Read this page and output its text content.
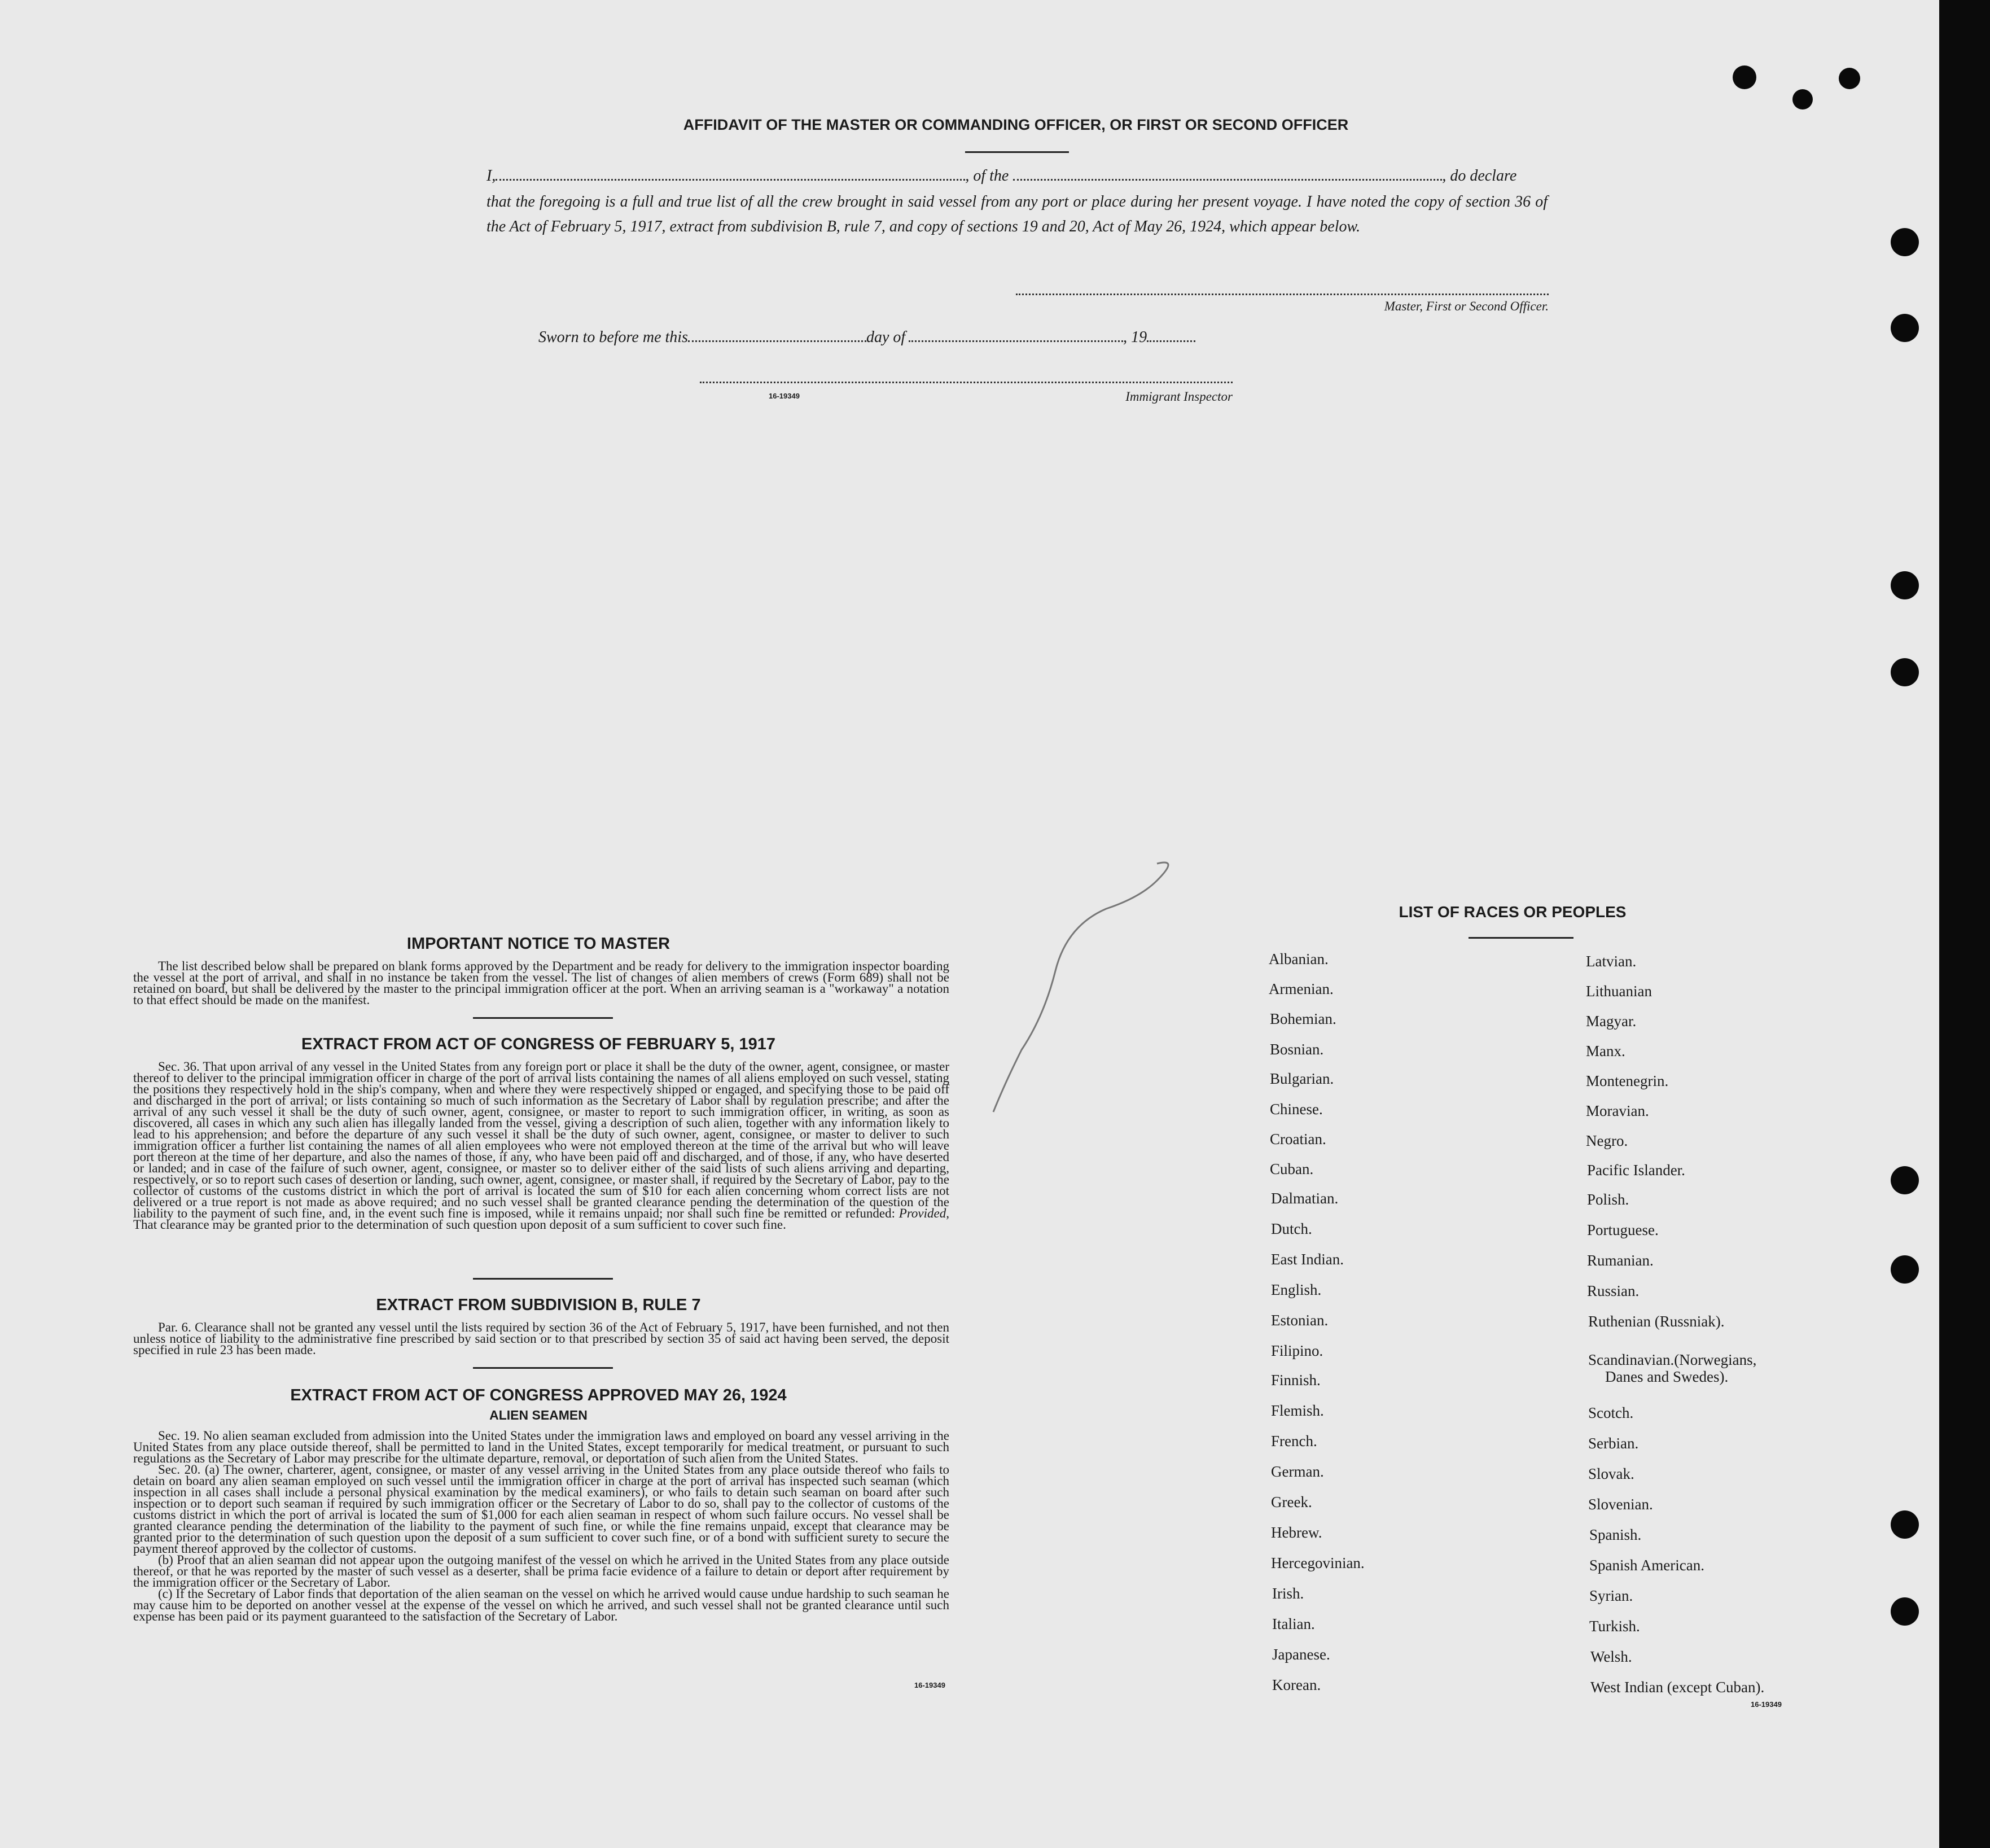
AFFIDAVIT OF THE MASTER OR COMMANDING OFFICER, OR FIRST OR SECOND OFFICER
I,	, of the	, do declare
that the foregoing is a full and true list of all the crew brought in said vessel from any port or place during her present voyage. I have noted the copy of section 36 of the Act of February 5, 1917, extract from subdivision B, rule 7, and copy of sections 19 and 20, Act of May 26, 1924, which appear below.
Master, First or Second Officer.
Sworn to before me this	day of	, 19
16-19349	Immigrant Inspector
IMPORTANT NOTICE TO MASTER

The list described below shall be prepared on blank forms approved by the Department and be ready for delivery to the immigration inspector boarding the vessel at the port of arrival, and shall in no instance be taken from the vessel. The list of changes of alien members of crews (Form 689) shall not be retained on board, but shall be delivered by the master to the principal immigration officer at the port. When an arriving seaman is a "workaway" a notation to that effect should be made on the manifest.

EXTRACT FROM ACT OF CONGRESS OF FEBRUARY 5, 1917

Sec. 36. That upon arrival of any vessel in the United States from any foreign port or place it shall be the duty of the owner, agent, consignee, or master thereof to deliver to the principal immigration officer in charge of the port of arrival lists containing the names of all aliens employed on such vessel, stating the positions they respectively hold in the ship's company, when and where they were respectively shipped or engaged, and specifying those to be paid off and discharged in the port of arrival; or lists containing so much of such information as the Secretary of Labor shall by regulation prescribe; and after the arrival of any such vessel it shall be the duty of such owner, agent, consignee, or master to report to such immigration officer, in writing, as soon as discovered, all cases in which any such alien has illegally landed from the vessel, giving a description of such alien, together with any information likely to lead to his apprehension; and before the departure of any such vessel it shall be the duty of such owner, agent, consignee, or master to deliver to such immigration officer a further list containing the names of all alien employees who were not employed thereon at the time of the arrival but who will leave port thereon at the time of her departure, and also the names of those, if any, who have been paid off and discharged, and of those, if any, who have deserted or landed; and in case of the failure of such owner, agent, consignee, or master so to deliver either of the said lists of such aliens arriving and departing, respectively, or so to report such cases of desertion or landing, such owner, agent, consignee, or master shall, if required by the Secretary of Labor, pay to the collector of customs of the customs district in which the port of arrival is located the sum of $10 for each alien concerning whom correct lists are not delivered or a true report is not made as above required; and no such vessel shall be granted clearance pending the determination of the question of the liability to the payment of such fine, and, in the event such fine is imposed, while it remains unpaid; nor shall such fine be remitted or refunded: Provided, That clearance may be granted prior to the determination of such question upon deposit of a sum sufficient to cover such fine.

EXTRACT FROM SUBDIVISION B, RULE 7

Par. 6. Clearance shall not be granted any vessel until the lists required by section 36 of the Act of February 5, 1917, have been furnished, and not then unless notice of liability to the administrative fine prescribed by said section or to that prescribed by section 35 of said act having been served, the deposit specified in rule 23 has been made.

EXTRACT FROM ACT OF CONGRESS APPROVED MAY 26, 1924
ALIEN SEAMEN

Sec. 19. No alien seaman excluded from admission into the United States under the immigration laws and employed on board any vessel arriving in the United States from any place outside thereof, shall be permitted to land in the United States, except temporarily for medical treatment, or pursuant to such regulations as the Secretary of Labor may prescribe for the ultimate departure, removal, or deportation of such alien from the United States.

Sec. 20. (a) The owner, charterer, agent, consignee, or master of any vessel arriving in the United States from any place outside thereof who fails to detain on board any alien seaman employed on such vessel until the immigration officer in charge at the port of arrival has inspected such seaman (which inspection in all cases shall include a personal physical examination by the medical examiners), or who fails to detain such seaman on board after such inspection or to deport such seaman if required by such immigration officer or the Secretary of Labor to do so, shall pay to the collector of customs of the customs district in which the port of arrival is located the sum of $1,000 for each alien seaman in respect of whom such failure occurs. No vessel shall be granted clearance pending the determination of the liability to the payment of such fine, or while the fine remains unpaid, except that clearance may be granted prior to the determination of such question upon the deposit of a sum sufficient to cover such fine, or of a bond with sufficient surety to secure the payment thereof approved by the collector of customs.

(b) Proof that an alien seaman did not appear upon the outgoing manifest of the vessel on which he arrived in the United States from any place outside thereof, or that he was reported by the master of such vessel as a deserter, shall be prima facie evidence of a failure to detain or deport after requirement by the immigration officer or the Secretary of Labor.

(c) If the Secretary of Labor finds that deportation of the alien seaman on the vessel on which he arrived would cause undue hardship to such seaman he may cause him to be deported on another vessel at the expense of the vessel on which he arrived, and such vessel shall not be granted clearance until such expense has been paid or its payment guaranteed to the satisfaction of the Secretary of Labor.

16-19349
LIST OF RACES OR PEOPLES
Albanian.
Armenian.
Bohemian.
Bosnian.
Bulgarian.
Chinese.
Croatian.
Cuban.
Dalmatian.
Dutch.
East Indian.
English.
Estonian.
Filipino.
Finnish.
Flemish.
French.
German.
Greek.
Hebrew.
Hercegovinian.
Irish.
Italian.
Japanese.
Korean.
Latvian.
Lithuanian
Magyar.
Manx.
Montenegrin.
Moravian.
Negro.
Pacific Islander.
Polish.
Portuguese.
Rumanian.
Russian.
Ruthenian (Russniak).
Scandinavian.(Norwegians,
Danes and Swedes).
Scotch.
Serbian.
Slovak.
Slovenian.
Spanish.
Spanish American.
Syrian.
Turkish.
Welsh.
West Indian (except Cuban).
16-19349
